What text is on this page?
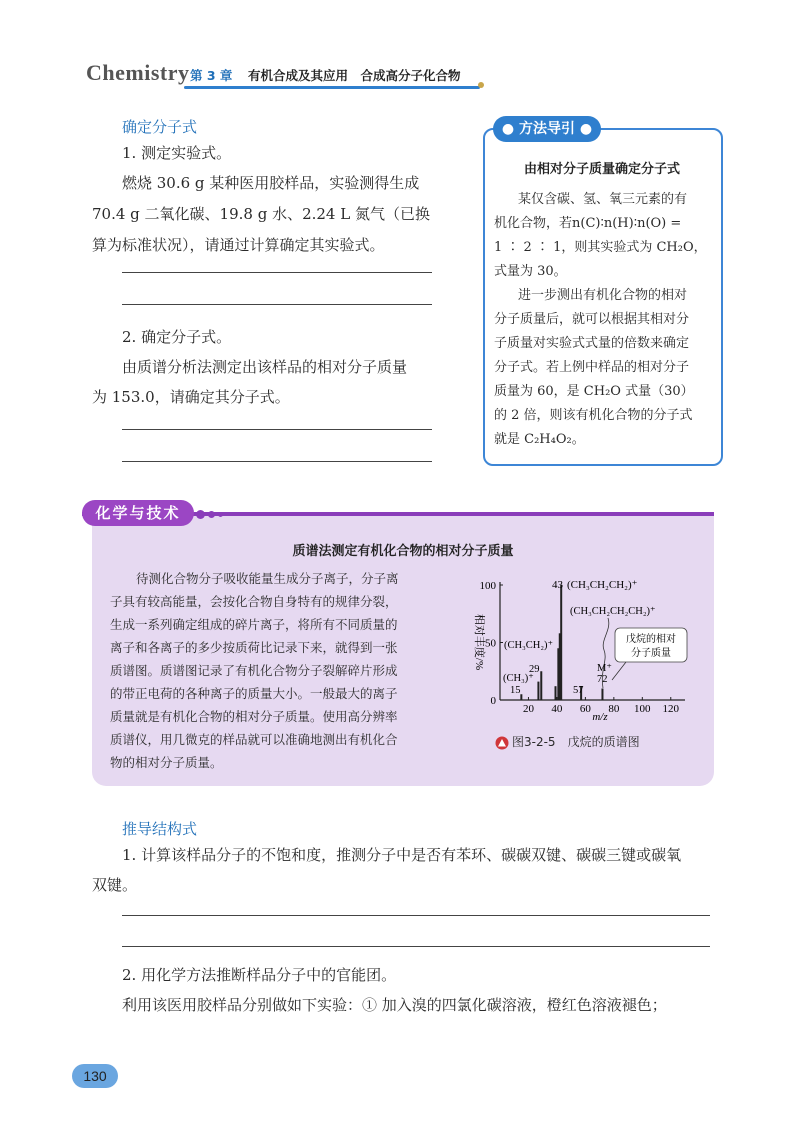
Chemistry 第 3 章 有机合成及其应用　合成高分子化合物
确定分子式
1. 测定实验式。
燃烧 30.6 g 某种医用胶样品，实验测得生成
70.4 g 二氧化碳、19.8 g 水、2.24 L 氮气（已换
算为标准状况），请通过计算确定其实验式。
2. 确定分子式。
由质谱分析法测定出该样品的相对分子质量
为 153.0，请确定其分子式。
● 方法导引 ●
由相对分子质量确定分子式
某仅含碳、氢、氧三元素的有
机化合物，若n(C)∶n(H)∶n(O) =
1 ∶ 2 ∶ 1，则其实验式为 CH₂O，
式量为 30。
进一步测出有机化合物的相对
分子质量后，就可以根据其相对分
子质量对实验式式量的倍数来确定
分子式。若上例中样品的相对分子
质量为 60，是 CH₂O 式量（30）
的 2 倍，则该有机化合物的分子式
就是 C₂H₄O₂。
化学与技术
质谱法测定有机化合物的相对分子质量
待测化合物分子吸收能量生成分子离子，分子离
子具有较高能量，会按化合物自身特有的规律分裂，
生成一系列确定组成的碎片离子，将所有不同质量的
离子和各离子的多少按质荷比记录下来，就得到一张
质谱图。质谱图记录了有机化合物分子裂解碎片形成
的带正电荷的各种离子的质量大小。一般最大的离子
质量就是有机化合物的相对分子质量。使用高分辨率
质谱仪，用几微克的样品就可以准确地测出有机化合
物的相对分子质量。
20 40 60 80 100 120
0
50
100
相对丰度/%
m/z
43 (CH₃CH₂CH₂)⁺
(CH₃CH₂CH₂CH₂)⁺
(CH₃CH₂)⁺
29
(CH₃)⁺
15	57
M⁺
72
戊烷的相对
分子质量
图3-2-5　戊烷的质谱图
推导结构式
1. 计算该样品分子的不饱和度，推测分子中是否有苯环、碳碳双键、碳碳三键或碳氧
双键。
2. 用化学方法推断样品分子中的官能团。
利用该医用胶样品分别做如下实验：① 加入溴的四氯化碳溶液，橙红色溶液褪色；
130
